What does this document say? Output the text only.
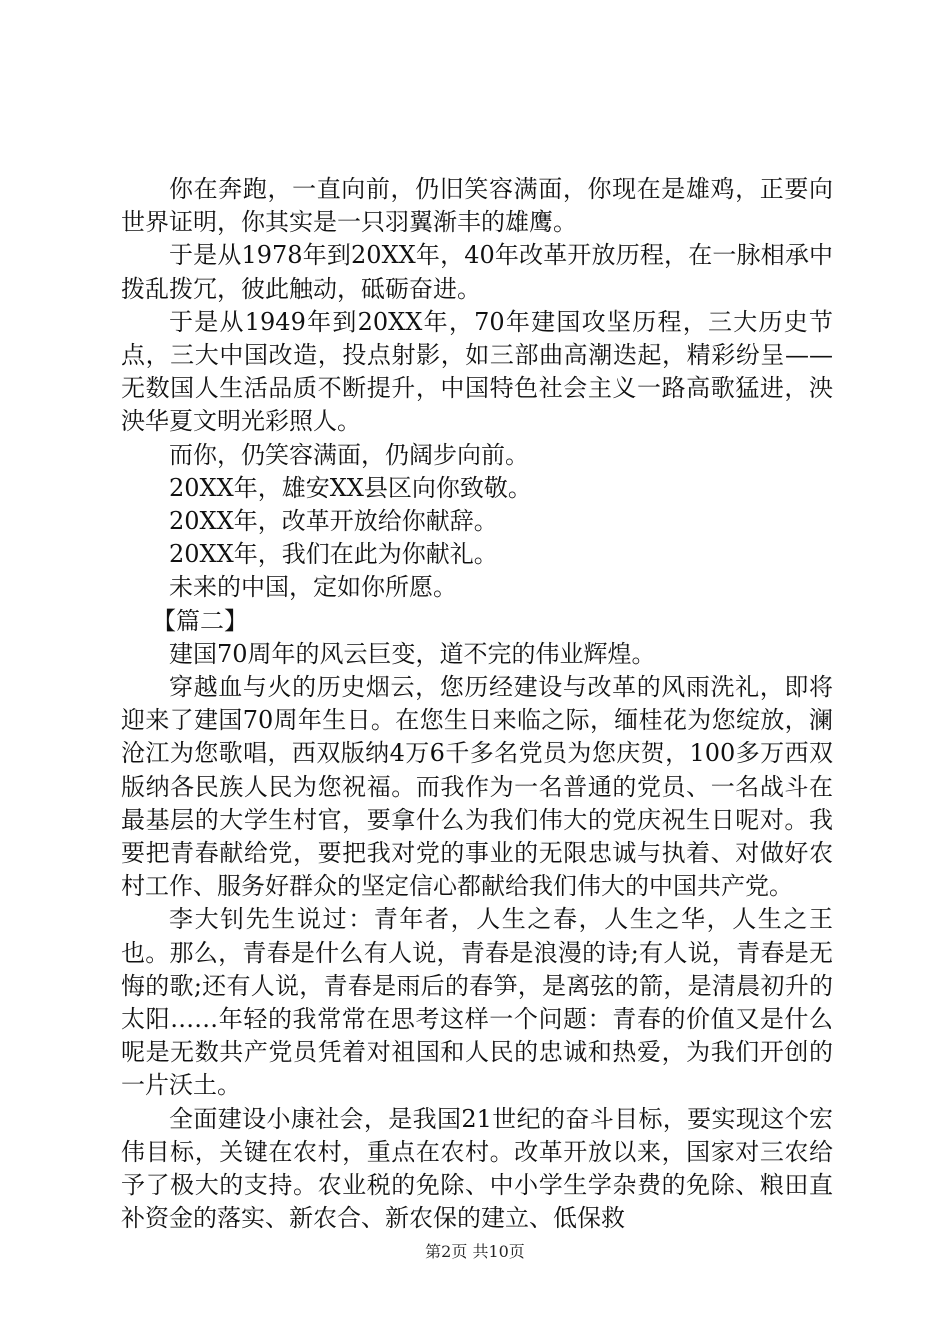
你在奔跑，一直向前，仍旧笑容满面，你现在是雄鸡，正要向世界证明，你其实是一只羽翼渐丰的雄鹰。

于是从1978年到20XX年，40年改革开放历程，在一脉相承中拨乱拨冗，彼此触动，砥砺奋进。

于是从1949年到20XX年，70年建国攻坚历程，三大历史节点，三大中国改造，投点射影，如三部曲高潮迭起，精彩纷呈——无数国人生活品质不断提升，中国特色社会主义一路高歌猛进，泱泱华夏文明光彩照人。

而你，仍笑容满面，仍阔步向前。

20XX年，雄安XX县区向你致敬。

20XX年，改革开放给你献辞。

20XX年，我们在此为你献礼。

未来的中国，定如你所愿。

【篇二】

建国70周年的风云巨变，道不完的伟业辉煌。

穿越血与火的历史烟云，您历经建设与改革的风雨洗礼，即将迎来了建国70周年生日。在您生日来临之际，缅桂花为您绽放，澜沧江为您歌唱，西双版纳4万6千多名党员为您庆贺，100多万西双版纳各民族人民为您祝福。而我作为一名普通的党员、一名战斗在最基层的大学生村官，要拿什么为我们伟大的党庆祝生日呢对。我要把青春献给党，要把我对党的事业的无限忠诚与执着、对做好农村工作、服务好群众的坚定信心都献给我们伟大的中国共产党。

李大钊先生说过：青年者，人生之春，人生之华，人生之王也。那么，青春是什么有人说，青春是浪漫的诗;有人说，青春是无悔的歌;还有人说，青春是雨后的春笋，是离弦的箭，是清晨初升的太阳……年轻的我常常在思考这样一个问题：青春的价值又是什么呢是无数共产党员凭着对祖国和人民的忠诚和热爱，为我们开创的一片沃土。

全面建设小康社会，是我国21世纪的奋斗目标，要实现这个宏伟目标，关键在农村，重点在农村。改革开放以来，国家对三农给予了极大的支持。农业税的免除、中小学生学杂费的免除、粮田直补资金的落实、新农合、新农保的建立、低保救

第2页 共10页
